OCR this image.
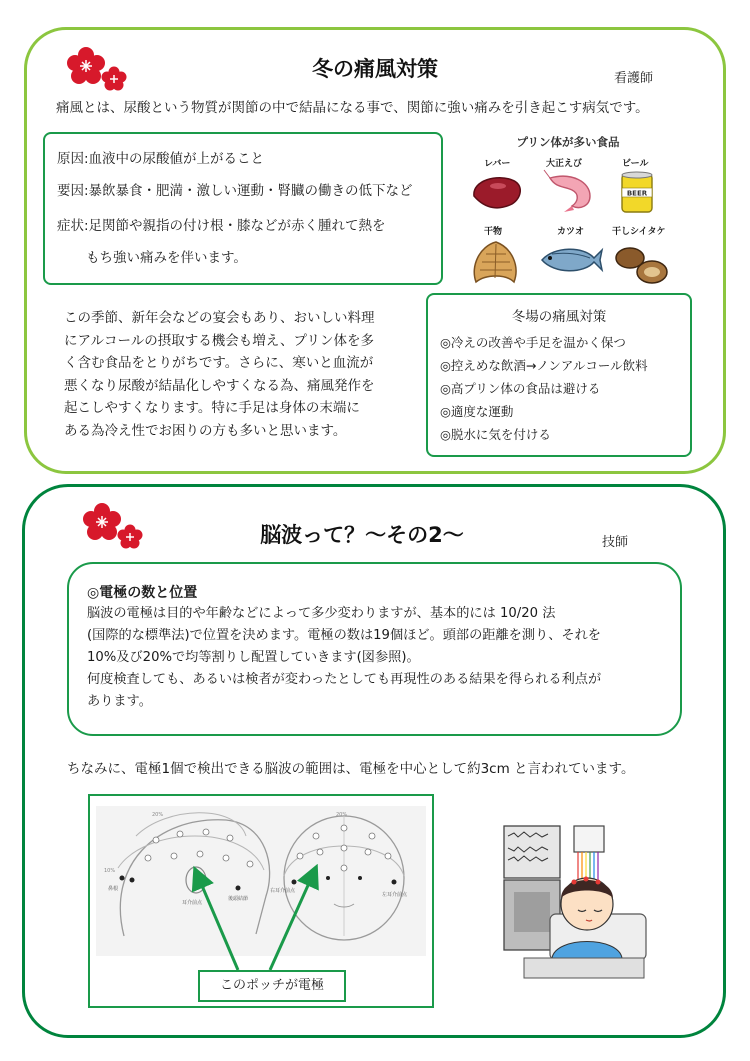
冬の痛風対策	看護師
痛風とは、尿酸という物質が関節の中で結晶になる事で、関節に強い痛みを引き起こす病気です。
原因:血液中の尿酸値が上がること
要因:暴飲暴食・肥満・激しい運動・腎臓の働きの低下など
症状:足関節や親指の付け根・膝などが赤く腫れて熱を
もち強い痛みを伴います。
プリン体が多い食品
レバー	大正えび	ビール
干物	カツオ	干しシイタケ
BEER
この季節、新年会などの宴会もあり、おいしい料理
にアルコールの摂取する機会も増え、プリン体を多
く含む食品をとりがちです。さらに、寒いと血流が
悪くなり尿酸が結晶化しやすくなる為、痛風発作を
起こしやすくなります。特に手足は身体の末端に
ある為冷え性でお困りの方も多いと思います。
冬場の痛風対策
◎冷えの改善や手足を温かく保つ
◎控えめな飲酒→ノンアルコール飲料
◎高プリン体の食品は避ける
◎適度な運動
◎脱水に気を付ける
脳波って？～その2～	技師
◎電極の数と位置
脳波の電極は目的や年齢などによって多少変わりますが、基本的には 10/20 法
(国際的な標準法)で位置を決めます。電極の数は19個ほど。頭部の距離を測り、それを
10%及び20%で均等割りし配置していきます(図参照)。
何度検査しても、あるいは検者が変わったとしても再現性のある結果を得られる利点が
あります。
ちなみに、電極1個で検出できる脳波の範囲は、電極を中心として約3cm と言われています。
20%
10%
鼻根
耳介前点
後頭結節
20%
右耳介前点
左耳介前点
このポッチが電極
